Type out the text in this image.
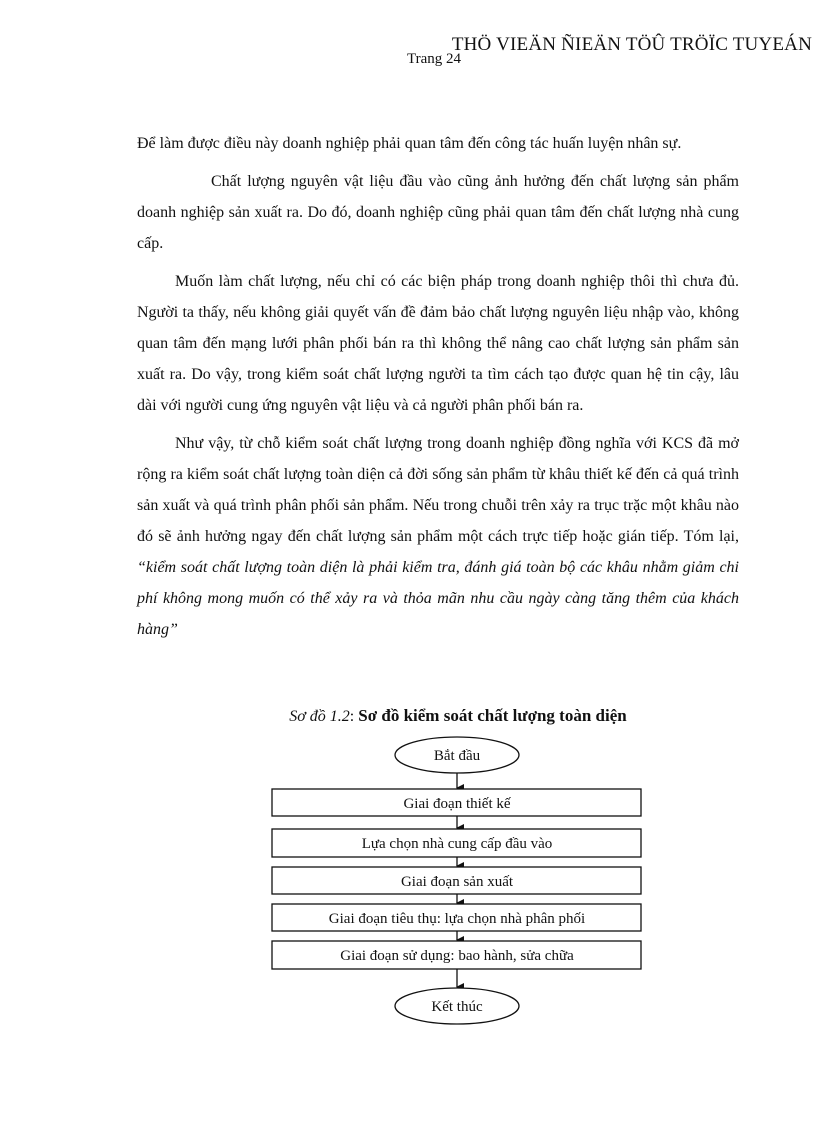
THÖ VIEÄN ÑIEÄN TÖÛ TRÖÏC TUYEÁN
Trang 24

Để làm được điều này doanh nghiệp phải quan tâm đến công tác huấn luyện nhân sự.

Chất lượng nguyên vật liệu đầu vào cũng ảnh hưởng đến chất lượng sản phẩm doanh nghiệp sản xuất ra. Do đó, doanh nghiệp cũng phải quan tâm đến chất lượng nhà cung cấp.

Muốn làm chất lượng, nếu chỉ có các biện pháp trong doanh nghiệp thôi thì chưa đủ. Người ta thấy, nếu không giải quyết vấn đề đảm bảo chất lượng nguyên liệu nhập vào, không quan tâm đến mạng lưới phân phối bán ra thì không thể nâng cao chất lượng sản phẩm sản xuất ra. Do vậy, trong kiểm soát chất lượng người ta tìm cách tạo được quan hệ tin cậy, lâu dài với người cung ứng nguyên vật liệu và cả người phân phối bán ra.

Như vậy, từ chỗ kiểm soát chất lượng trong doanh nghiệp đồng nghĩa với KCS đã mở rộng ra kiểm soát chất lượng toàn diện cả đời sống sản phẩm từ khâu thiết kế đến cả quá trình sản xuất và quá trình phân phối sản phẩm. Nếu trong chuỗi trên xảy ra trục trặc một khâu nào đó sẽ ảnh hưởng ngay đến chất lượng sản phẩm một cách trực tiếp hoặc gián tiếp. Tóm lại, “kiểm soát chất lượng toàn diện là phải kiểm tra, đánh giá toàn bộ các khâu nhằm giảm chi phí không mong muốn có thể xảy ra và thỏa mãn nhu cầu ngày càng tăng thêm của khách hàng”

Sơ đồ 1.2: Sơ đồ kiểm soát chất lượng toàn diện
Bắt đầu
Giai đoạn thiết kế
Lựa chọn nhà cung cấp đầu vào
Giai đoạn sản xuất
Giai đoạn tiêu thụ: lựa chọn nhà phân phối
Giai đoạn sử dụng: bao hành, sửa chữa
Kết thúc
